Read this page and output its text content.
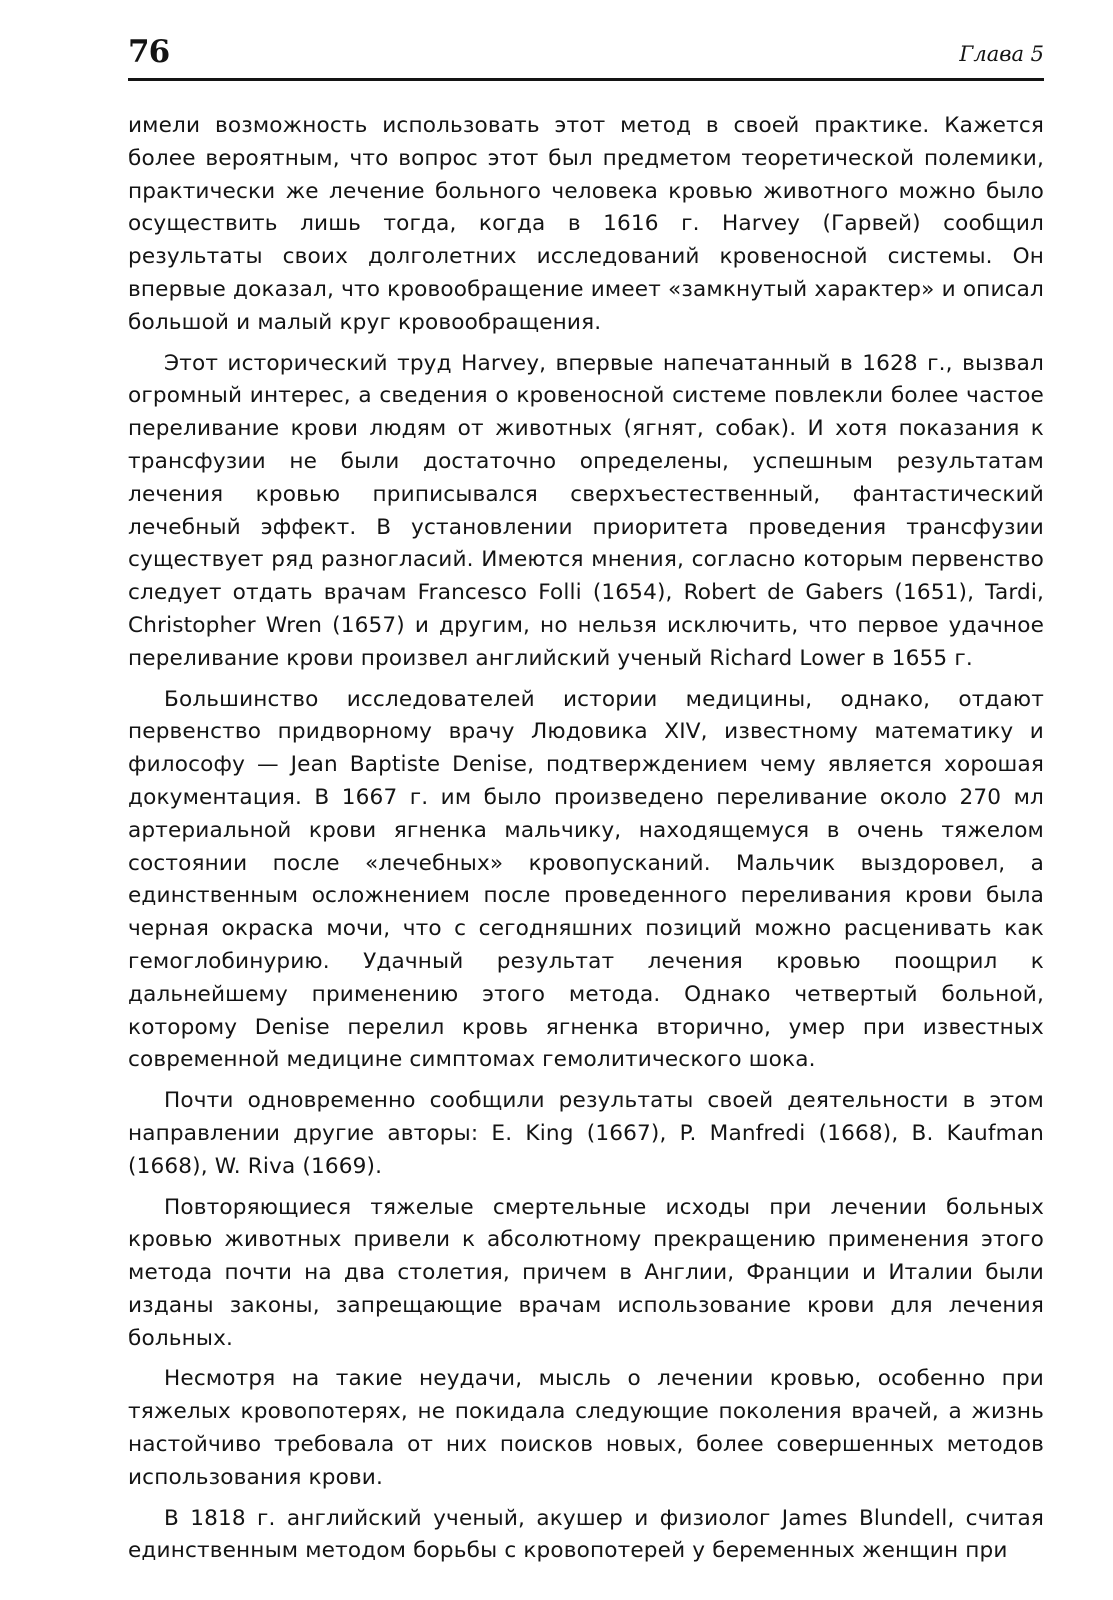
76	Глава 5

имели возможность использовать этот метод в своей практике. Кажется более вероятным, что вопрос этот был предметом теоретической полемики, практически же лечение больного человека кровью животного можно было осуществить лишь тогда, когда в 1616 г. Harvey (Гарвей) сообщил результаты своих долголетних исследований кровеносной системы. Он впервые доказал, что кровообращение имеет «замкнутый характер» и описал большой и малый круг кровообращения.

Этот исторический труд Harvey, впервые напечатанный в 1628 г., вызвал огромный интерес, а сведения о кровеносной системе повлекли более частое переливание крови людям от животных (ягнят, собак). И хотя показания к трансфузии не были достаточно определены, успешным результатам лечения кровью приписывался сверхъестественный, фантастический лечебный эффект. В установлении приоритета проведения трансфузии существует ряд разногласий. Имеются мнения, согласно которым первенство следует отдать врачам Francesco Folli (1654), Robert de Gabers (1651), Tardi, Christopher Wren (1657) и другим, но нельзя исключить, что первое удачное переливание крови произвел английский ученый Richard Lower в 1655 г.

Большинство исследователей истории медицины, однако, отдают первенство придворному врачу Людовика XIV, известному математику и философу — Jean Baptiste Denise, подтверждением чему является хорошая документация. В 1667 г. им было произведено переливание около 270 мл артериальной крови ягненка мальчику, находящемуся в очень тяжелом состоянии после «лечебных» кровопусканий. Мальчик выздоровел, а единственным осложнением после проведенного переливания крови была черная окраска мочи, что с сегодняшних позиций можно расценивать как гемоглобинурию. Удачный результат лечения кровью поощрил к дальнейшему применению этого метода. Однако четвертый больной, которому Denise перелил кровь ягненка вторично, умер при известных современной медицине симптомах гемолитического шока.

Почти одновременно сообщили результаты своей деятельности в этом направлении другие авторы: E. King (1667), P. Manfredi (1668), B. Kaufman (1668), W. Riva (1669).

Повторяющиеся тяжелые смертельные исходы при лечении больных кровью животных привели к абсолютному прекращению применения этого метода почти на два столетия, причем в Англии, Франции и Италии были изданы законы, запрещающие врачам использование крови для лечения больных.

Несмотря на такие неудачи, мысль о лечении кровью, особенно при тяжелых кровопотерях, не покидала следующие поколения врачей, а жизнь настойчиво требовала от них поисков новых, более совершенных методов использования крови.

В 1818 г. английский ученый, акушер и физиолог James Blundell, считая единственным методом борьбы с кровопотерей у беременных женщин при
